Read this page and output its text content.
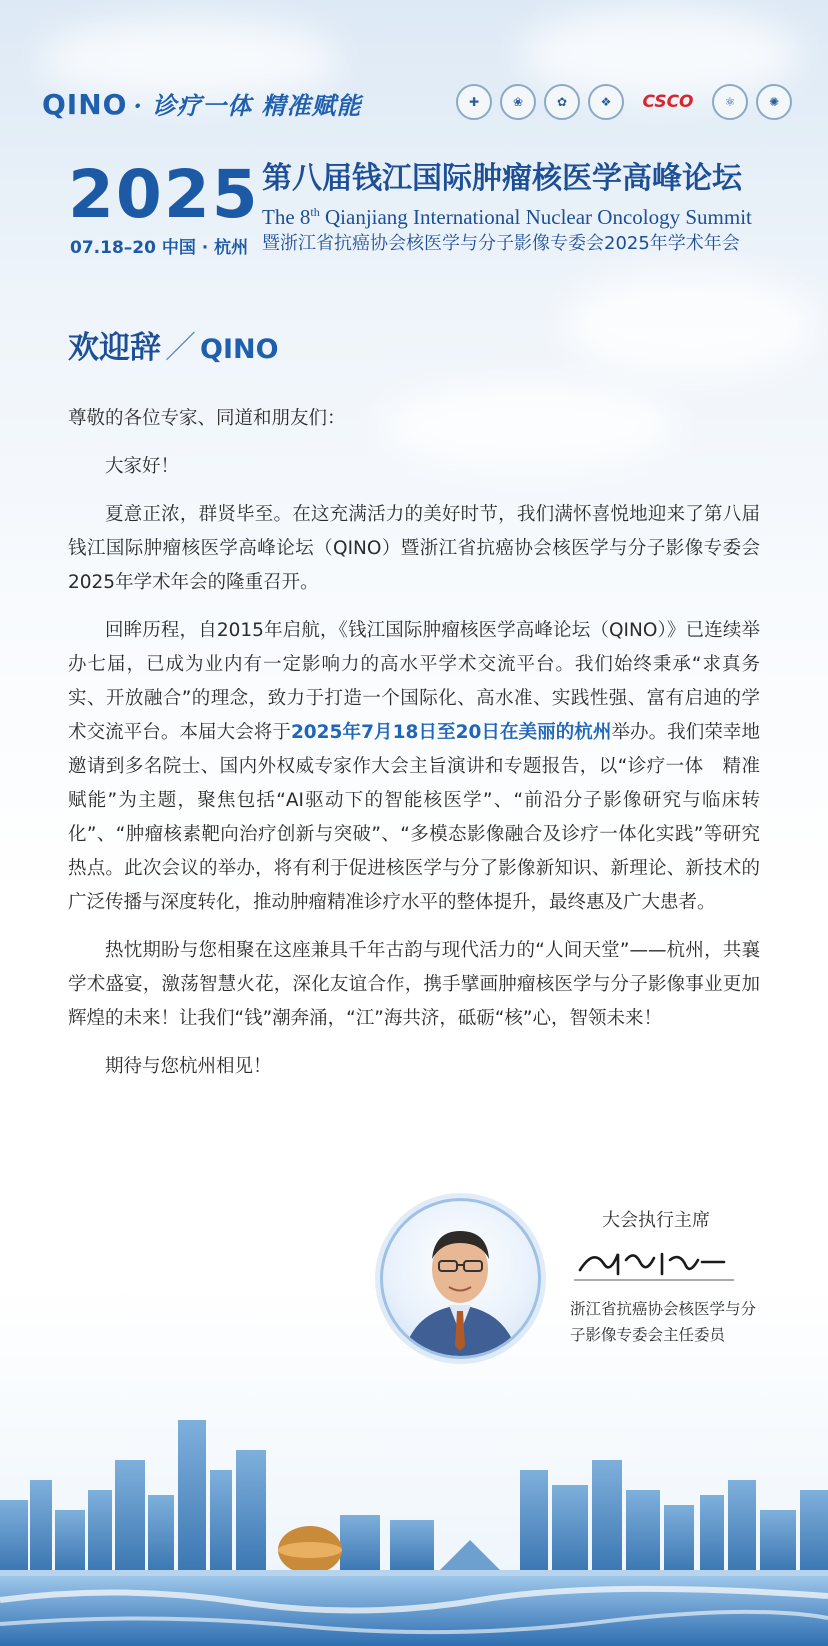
QINO · 诊疗一体 精准赋能	✚	❀	✿	❖	CSCO	⚛	✺
2025
07.18–20 中国 · 杭州
第八届钱江国际肿瘤核医学高峰论坛
The 8th Qianjiang International Nuclear Oncology Summit
暨浙江省抗癌协会核医学与分子影像专委会2025年学术年会
欢迎辞 ／ QINO

尊敬的各位专家、同道和朋友们：

大家好！

夏意正浓，群贤毕至。在这充满活力的美好时节，我们满怀喜悦地迎来了第八届钱江国际肿瘤核医学高峰论坛（QINO）暨浙江省抗癌协会核医学与分子影像专委会2025年学术年会的隆重召开。

回眸历程，自2015年启航，《钱江国际肿瘤核医学高峰论坛（QINO）》已连续举办七届，已成为业内有一定影响力的高水平学术交流平台。我们始终秉承“求真务实、开放融合”的理念，致力于打造一个国际化、高水准、实践性强、富有启迪的学术交流平台。本届大会将于2025年7月18日至20日在美丽的杭州举办。我们荣幸地邀请到多名院士、国内外权威专家作大会主旨演讲和专题报告，以“诊疗一体　精准赋能”为主题，聚焦包括“AI驱动下的智能核医学”、“前沿分子影像研究与临床转化”、“肿瘤核素靶向治疗创新与突破”、“多模态影像融合及诊疗一体化实践”等研究热点。此次会议的举办，将有利于促进核医学与分了影像新知识、新理论、新技术的广泛传播与深度转化，推动肿瘤精准诊疗水平的整体提升，最终惠及广大患者。

热忱期盼与您相聚在这座兼具千年古韵与现代活力的“人间天堂”——杭州，共襄学术盛宴，激荡智慧火花，深化友谊合作，携手擘画肿瘤核医学与分子影像事业更加辉煌的未来！让我们“钱”潮奔涌，“江”海共济，砥砺“核”心，智领未来！

期待与您杭州相见！

大会执行主席
浙江省抗癌协会核医学与分子影像专委会主任委员
